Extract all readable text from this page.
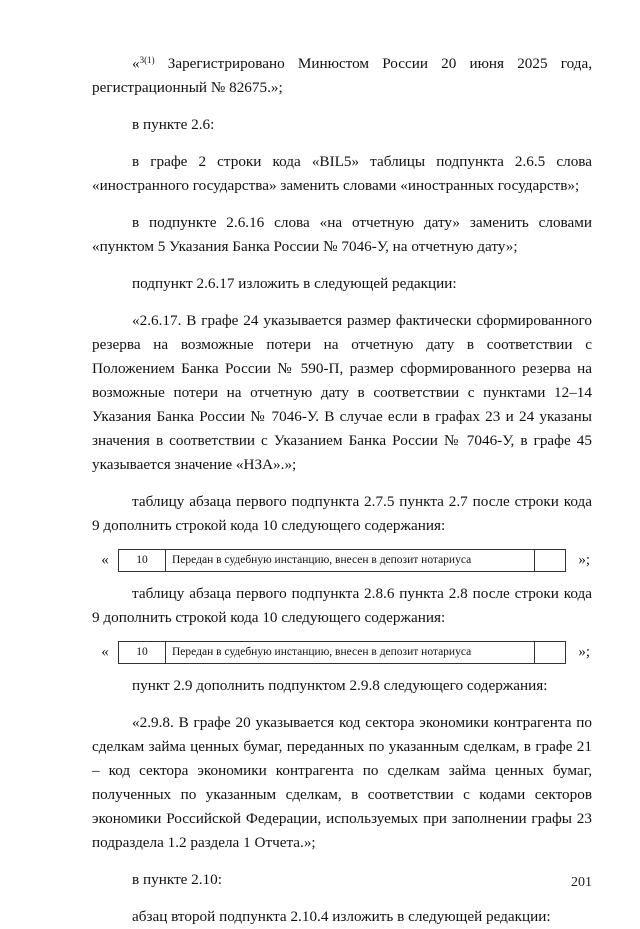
«$^{3(1)}$ Зарегистрировано Минюстом России 20 июня 2025 года, регистрационный № 82675.»;

в пункте 2.6:

в графе 2 строки кода «BIL5» таблицы подпункта 2.6.5 слова «иностранного государства» заменить словами «иностранных государств»;

в подпункте 2.6.16 слова «на отчетную дату» заменить словами «пунктом 5 Указания Банка России № 7046-У, на отчетную дату»;

подпункт 2.6.17 изложить в следующей редакции:

«2.6.17. В графе 24 указывается размер фактически сформированного резерва на возможные потери на отчетную дату в соответствии с Положением Банка России № 590-П, размер сформированного резерва на возможные потери на отчетную дату в соответствии с пунктами 12–14 Указания Банка России № 7046-У. В случае если в графах 23 и 24 указаны значения в соответствии с Указанием Банка России № 7046-У, в графе 45 указывается значение «НЗА».»;

таблицу абзаца первого подпункта 2.7.5 пункта 2.7 после строки кода 9 дополнить строкой кода 10 следующего содержания:

«	10	Передан в судебную инстанцию, внесен в депозит нотариуса	»;

таблицу абзаца первого подпункта 2.8.6 пункта 2.8 после строки кода 9 дополнить строкой кода 10 следующего содержания:

«	10	Передан в судебную инстанцию, внесен в депозит нотариуса	»;

пункт 2.9 дополнить подпунктом 2.9.8 следующего содержания:

«2.9.8. В графе 20 указывается код сектора экономики контрагента по сделкам займа ценных бумаг, переданных по указанным сделкам, в графе 21 – код сектора экономики контрагента по сделкам займа ценных бумаг, полученных по указанным сделкам, в соответствии с кодами секторов экономики Российской Федерации, используемых при заполнении графы 23 подраздела 1.2 раздела 1 Отчета.»;

в пункте 2.10:

абзац второй подпункта 2.10.4 изложить в следующей редакции:

201
